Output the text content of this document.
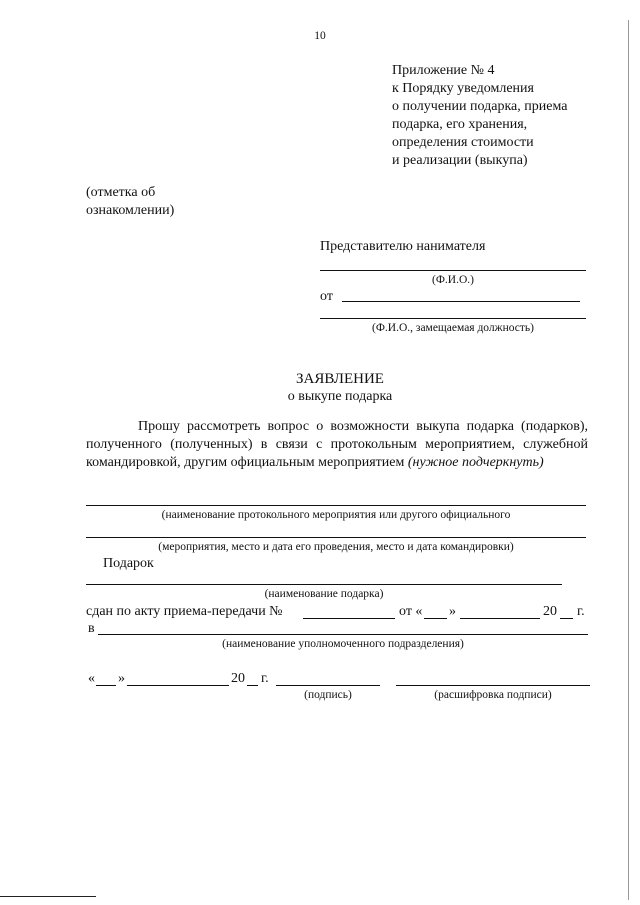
10
Приложение № 4
к Порядку уведомления
о получении подарка, приема
подарка, его хранения,
определения стоимости
и реализации (выкупа)
(отметка об
ознакомлении)
Представителю нанимателя
(Ф.И.О.)
от
(Ф.И.О., замещаемая должность)
ЗАЯВЛЕНИЕ
о выкупе подарка
Прошу рассмотреть вопрос о возможности выкупа подарка (подарков), полученного (полученных) в связи с протокольным мероприятием, служебной командировкой, другим официальным мероприятием (нужное подчеркнуть)
(наименование протокольного мероприятия или другого официального
(мероприятия, место и дата его проведения, место и дата командировки)
Подарок
(наименование подарка)
сдан по акту приема-передачи №	от « »	20 г.
в
(наименование уполномоченного подразделения)
« »	20 г.
(подпись)	(расшифровка подписи)
